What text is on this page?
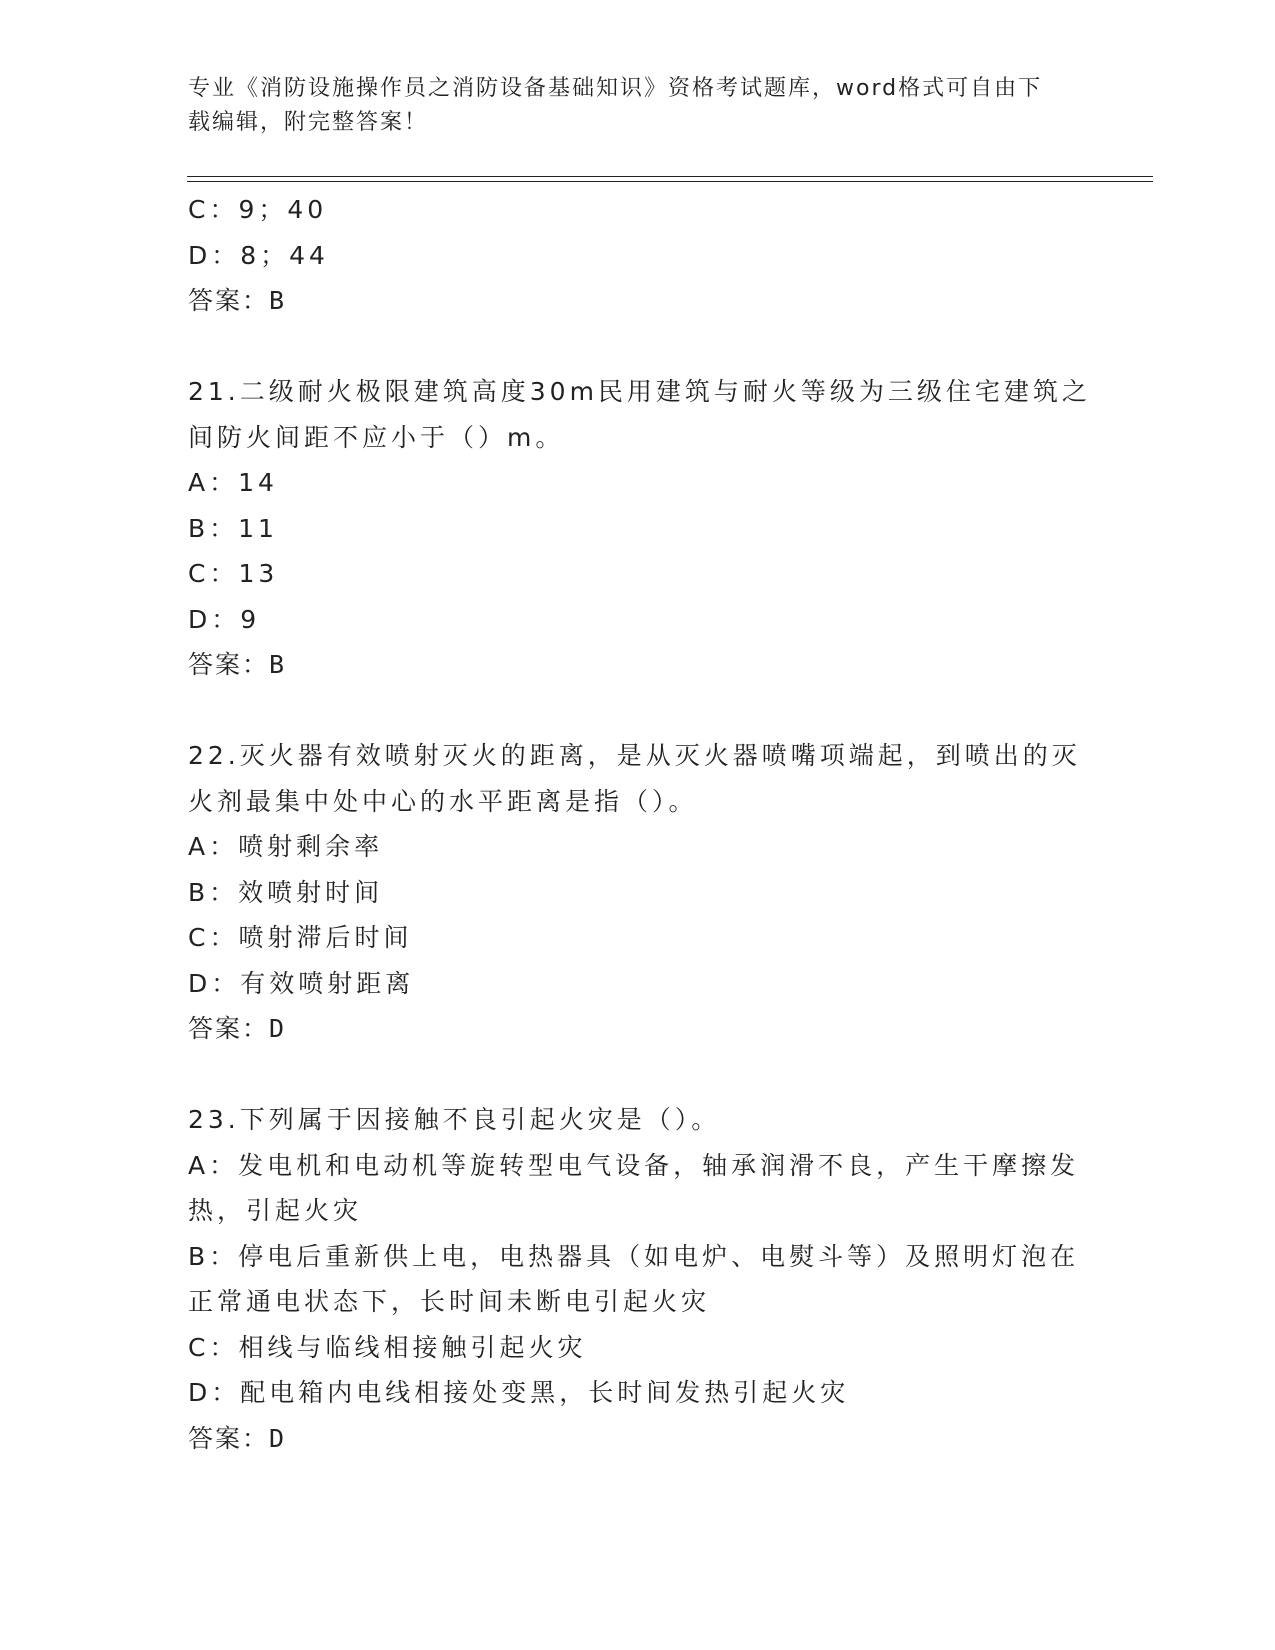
专业《消防设施操作员之消防设备基础知识》资格考试题库，word格式可自由下
载编辑，附完整答案！
C：9；40
D：8；44
答案：B
21.二级耐火极限建筑高度30m民用建筑与耐火等级为三级住宅建筑之
间防火间距不应小于（）m。
A：14
B：11
C：13
D：9
答案：B
22.灭火器有效喷射灭火的距离，是从灭火器喷嘴项端起，到喷出的灭
火剂最集中处中心的水平距离是指（）。
A：喷射剩余率
B：效喷射时间
C：喷射滞后时间
D：有效喷射距离
答案：D
23.下列属于因接触不良引起火灾是（）。
A：发电机和电动机等旋转型电气设备，轴承润滑不良，产生干摩擦发
热，引起火灾
B：停电后重新供上电，电热器具（如电炉、电熨斗等）及照明灯泡在
正常通电状态下，长时间未断电引起火灾
C：相线与临线相接触引起火灾
D：配电箱内电线相接处变黑，长时间发热引起火灾
答案：D
